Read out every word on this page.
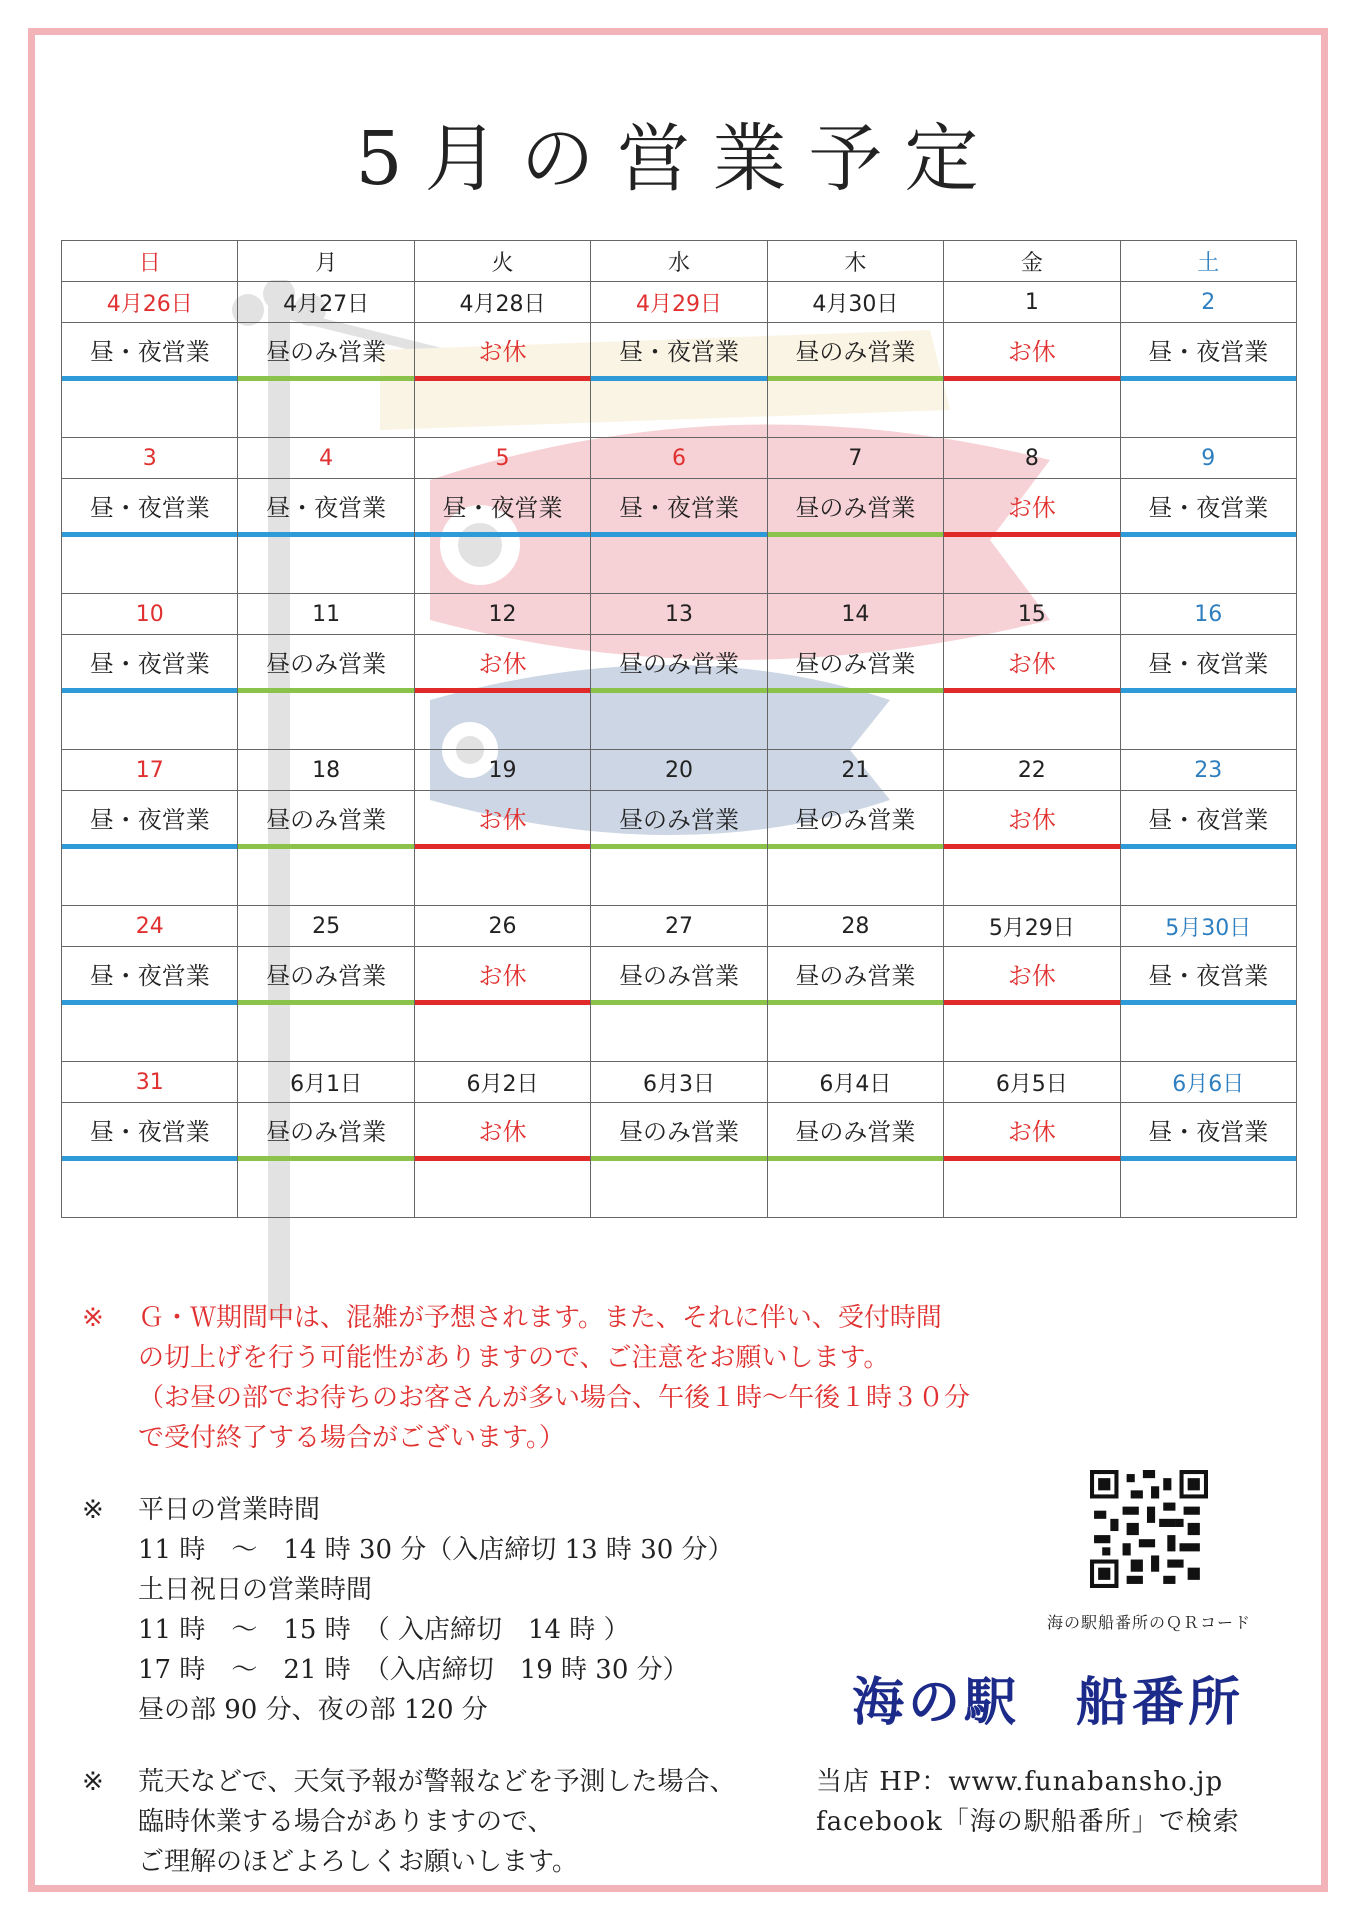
5月の営業予定
日	月	火	水	木	金	土
4月26日	4月27日	4月28日	4月29日	4月30日	1	2

昼・夜営業	昼のみ営業	お休	昼・夜営業	昼のみ営業	お休	昼・夜営業

3	4	5	6	7	8	9

昼・夜営業	昼・夜営業	昼・夜営業	昼・夜営業	昼のみ営業	お休	昼・夜営業

10	11	12	13	14	15	16

昼・夜営業	昼のみ営業	お休	昼のみ営業	昼のみ営業	お休	昼・夜営業

17	18	19	20	21	22	23

昼・夜営業	昼のみ営業	お休	昼のみ営業	昼のみ営業	お休	昼・夜営業

24	25	26	27	28	5月29日	5月30日

昼・夜営業	昼のみ営業	お休	昼のみ営業	昼のみ営業	お休	昼・夜営業

31	6月1日	6月2日	6月3日	6月4日	6月5日	6月6日

昼・夜営業	昼のみ営業	お休	昼のみ営業	昼のみ営業	お休	昼・夜営業

※ Ｇ・Ｗ期間中は、混雑が予想されます。また、それに伴い、受付時間
の切上げを行う可能性がありますので、ご注意をお願いします。
（お昼の部でお待ちのお客さんが多い場合、午後１時〜午後１時３０分
で受付終了する場合がございます。）
※ 平日の営業時間
11 時　～　14 時 30 分（入店締切 13 時 30 分）
土日祝日の営業時間
11 時　～　15 時　（ 入店締切　14 時 ）
17 時　～　21 時　（入店締切　19 時 30 分）
昼の部 90 分、夜の部 120 分
※ 荒天などで、天気予報が警報などを予測した場合、
臨時休業する場合がありますので、
ご理解のほどよろしくお願いします。
海の駅船番所のＱＲコード
海の駅　船番所
当店 HP：www.funabansho.jp
facebook「海の駅船番所」で検索
